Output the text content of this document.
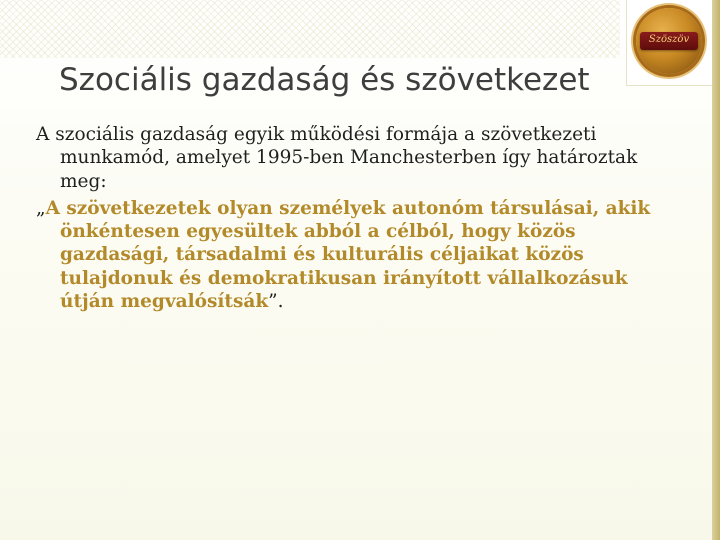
Szöszöv
Szociális gazdaság és szövetkezet

A szociális gazdaság egyik működési formája a szövetkezeti munkamód, amelyet 1995-ben Manchesterben így határoztak meg:

„A szövetkezetek olyan személyek autonóm társulásai, akik önkéntesen egyesültek abból a célból, hogy közös gazdasági, társadalmi és kulturális céljaikat közös tulajdonuk és demokratikusan irányított vállalkozásuk útján megvalósítsák”.
